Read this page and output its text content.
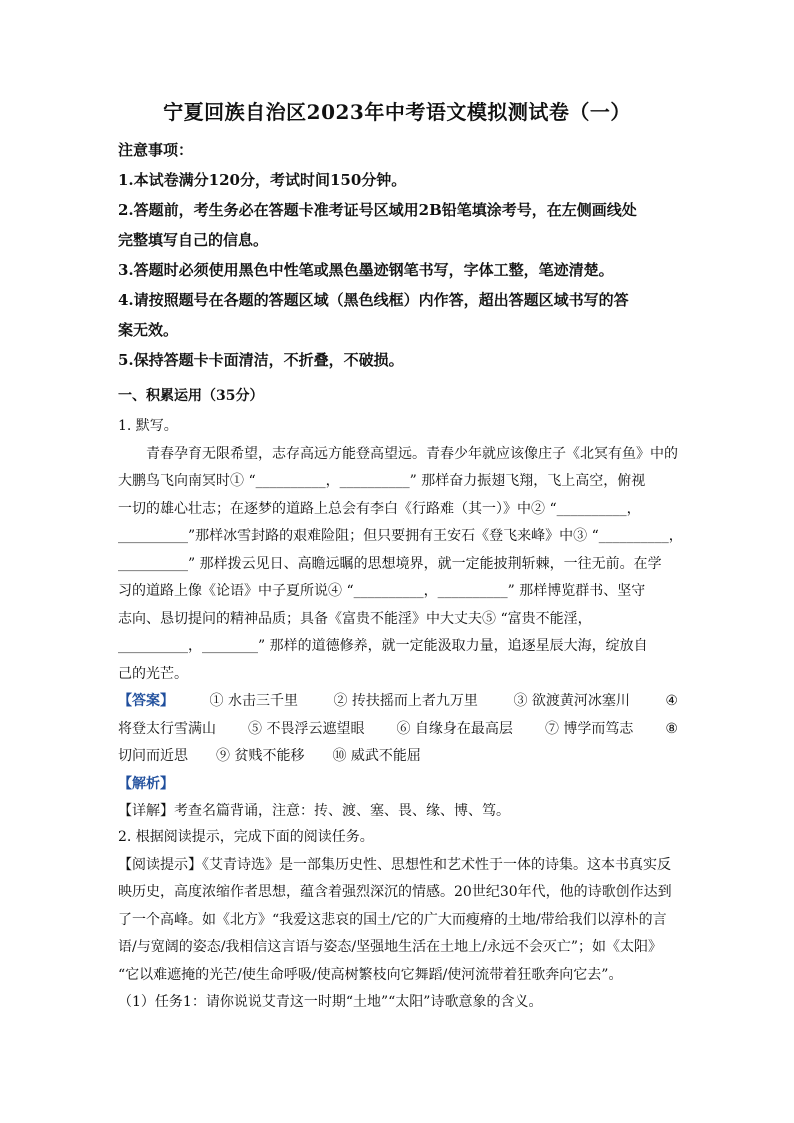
宁夏回族自治区2023年中考语文模拟测试卷（一）
注意事项：
1.本试卷满分120分，考试时间150分钟。
2.答题前，考生务必在答题卡准考证号区域用2B铅笔填涂考号，在左侧画线处
完整填写自己的信息。
3.答题时必须使用黑色中性笔或黑色墨迹钢笔书写，字体工整，笔迹清楚。
4.请按照题号在各题的答题区域（黑色线框）内作答，超出答题区域书写的答
案无效。
5.保持答题卡卡面清洁，不折叠，不破损。
一、积累运用（35分）
1. 默写。
青春孕育无限希望，志存高远方能登高望远。青春少年就应该像庄子《北冥有鱼》中的
大鹏鸟飞向南冥时① “__________，__________” 那样奋力振翅飞翔，飞上高空，俯视
一切的雄心壮志；在逐梦的道路上总会有李白《行路难（其一）》中② “__________，
__________”那样冰雪封路的艰难险阻；但只要拥有王安石《登飞来峰》中③ “__________，
__________” 那样拨云见日、高瞻远瞩的思想境界，就一定能披荆斩棘，一往无前。在学
习的道路上像《论语》中子夏所说④ “__________，__________” 那样博览群书、坚守
志向、恳切提问的精神品质；具备《富贵不能淫》中大丈夫⑤ “富贵不能淫，
__________，________” 那样的道德修养，就一定能汲取力量，追逐星辰大海，绽放自
己的光芒。
【答案】	① 水击三千里	② 抟扶摇而上者九万里	③ 欲渡黄河冰塞川	④
将登太行雪满山 ⑤ 不畏浮云遮望眼 ⑥ 自缘身在最高层 ⑦ 博学而笃志 ⑧
切问而近思 ⑨ 贫贱不能移 ⑩ 威武不能屈
【解析】
【详解】考查名篇背诵，注意：抟、渡、塞、畏、缘、博、笃。
2. 根据阅读提示，完成下面的阅读任务。
【阅读提示】《艾青诗选》是一部集历史性、思想性和艺术性于一体的诗集。这本书真实反
映历史，高度浓缩作者思想，蕴含着强烈深沉的情感。20世纪30年代，他的诗歌创作达到
了一个高峰。如《北方》“我爱这悲哀的国土/它的广大而瘦瘠的土地/带给我们以淳朴的言
语/与宽阔的姿态/我相信这言语与姿态/坚强地生活在土地上/永远不会灭亡”；如《太阳》
“它以难遮掩的光芒/使生命呼吸/使高树繁枝向它舞蹈/使河流带着狂歌奔向它去”。
（1）任务1：请你说说艾青这一时期“土地”“太阳”诗歌意象的含义。
